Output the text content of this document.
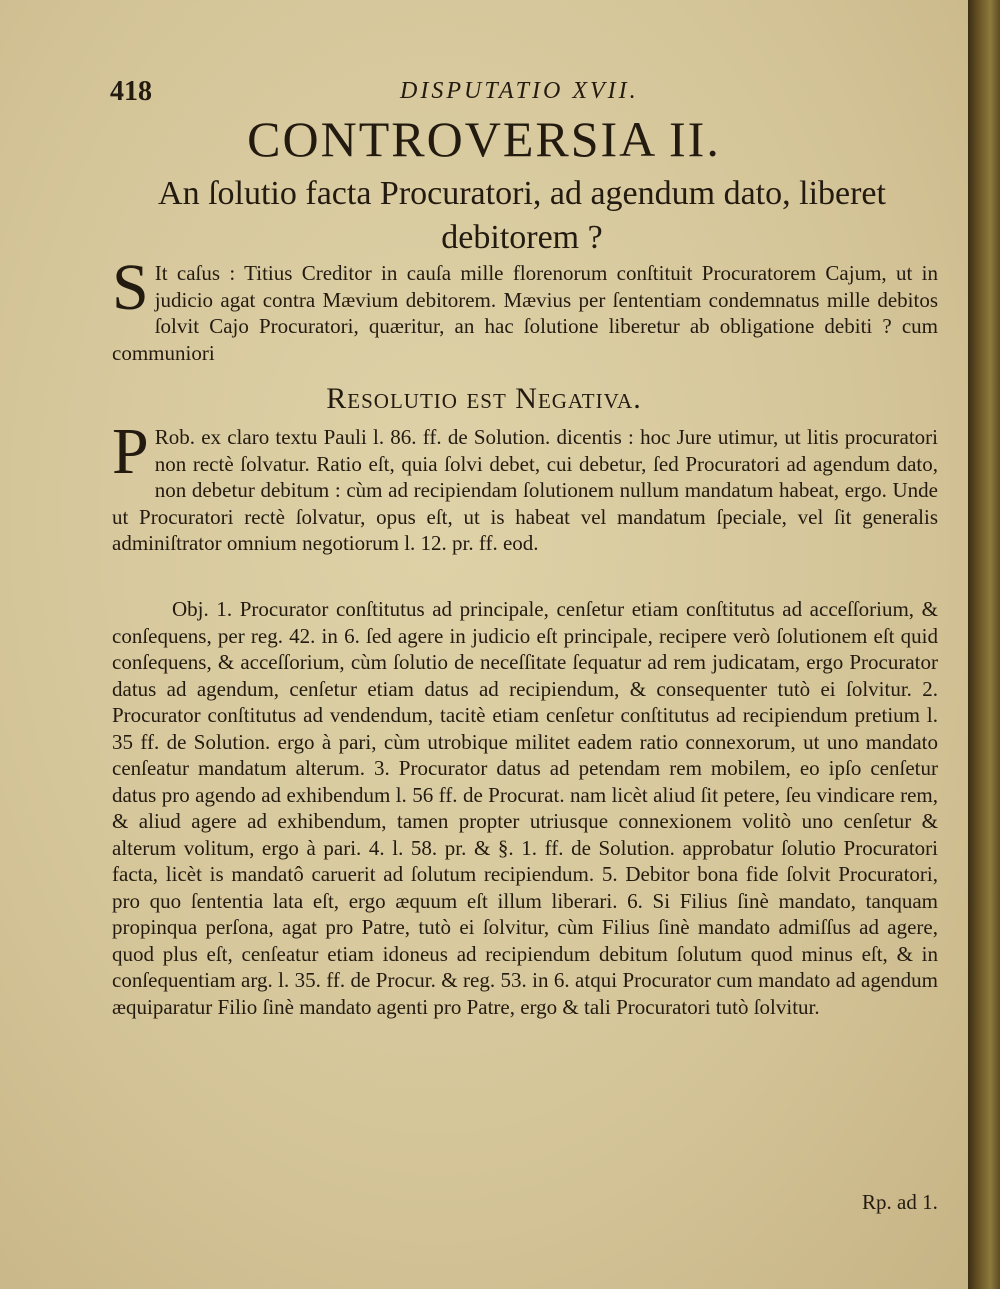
418	DISPUTATIO XVII.
CONTROVERSIA II.
An ſolutio facta Procuratori, ad agendum dato, liberet debitorem ?
S It caſus : Titius Creditor in cauſa mille florenorum conſtituit Procuratorem Cajum, ut in judicio agat contra Mævium debitorem. Mævius per ſententiam condemnatus mille debitos ſolvit Cajo Procuratori, quæritur, an hac ſolutione liberetur ab obligatione debiti ? cum communiori
Resolutio est Negativa.
P Rob. ex claro textu Pauli l. 86. ff. de Solution. dicentis : hoc Jure utimur, ut litis procuratori non rectè ſolvatur. Ratio eſt, quia ſolvi debet, cui debetur, ſed Procuratori ad agendum dato, non debetur debitum : cùm ad recipiendam ſolutionem nullum mandatum habeat, ergo. Unde ut Procuratori rectè ſolvatur, opus eſt, ut is habeat vel mandatum ſpeciale, vel ſit generalis adminiſtrator omnium negotiorum l. 12. pr. ff. eod.
Obj. 1. Procurator conſtitutus ad principale, cenſetur etiam conſtitutus ad acceſſorium, & conſequens, per reg. 42. in 6. ſed agere in judicio eſt principale, recipere verò ſolutionem eſt quid conſequens, & acceſſorium, cùm ſolutio de neceſſitate ſequatur ad rem judicatam, ergo Procurator datus ad agendum, cenſetur etiam datus ad recipiendum, & consequenter tutò ei ſolvitur. 2. Procurator conſtitutus ad vendendum, tacitè etiam cenſetur conſtitutus ad recipiendum pretium l. 35 ff. de Solution. ergo à pari, cùm utrobique militet eadem ratio connexorum, ut uno mandato cenſeatur mandatum alterum. 3. Procurator datus ad petendam rem mobilem, eo ipſo cenſetur datus pro agendo ad exhibendum l. 56 ff. de Procurat. nam licèt aliud ſit petere, ſeu vindicare rem, & aliud agere ad exhibendum, tamen propter utriusque connexionem volitò uno cenſetur & alterum volitum, ergo à pari. 4. l. 58. pr. & §. 1. ff. de Solution. approbatur ſolutio Procuratori facta, licèt is mandatô caruerit ad ſolutum recipiendum. 5. Debitor bona fide ſolvit Procuratori, pro quo ſententia lata eſt, ergo æquum eſt illum liberari. 6. Si Filius ſinè mandato, tanquam propinqua perſona, agat pro Patre, tutò ei ſolvitur, cùm Filius ſinè mandato admiſſus ad agere, quod plus eſt, cenſeatur etiam idoneus ad recipiendum debitum ſolutum quod minus eſt, & in conſequentiam arg. l. 35. ff. de Procur. & reg. 53. in 6. atqui Procurator cum mandato ad agendum æquiparatur Filio ſinè mandato agenti pro Patre, ergo & tali Procuratori tutò ſolvitur.
Rp. ad 1.
